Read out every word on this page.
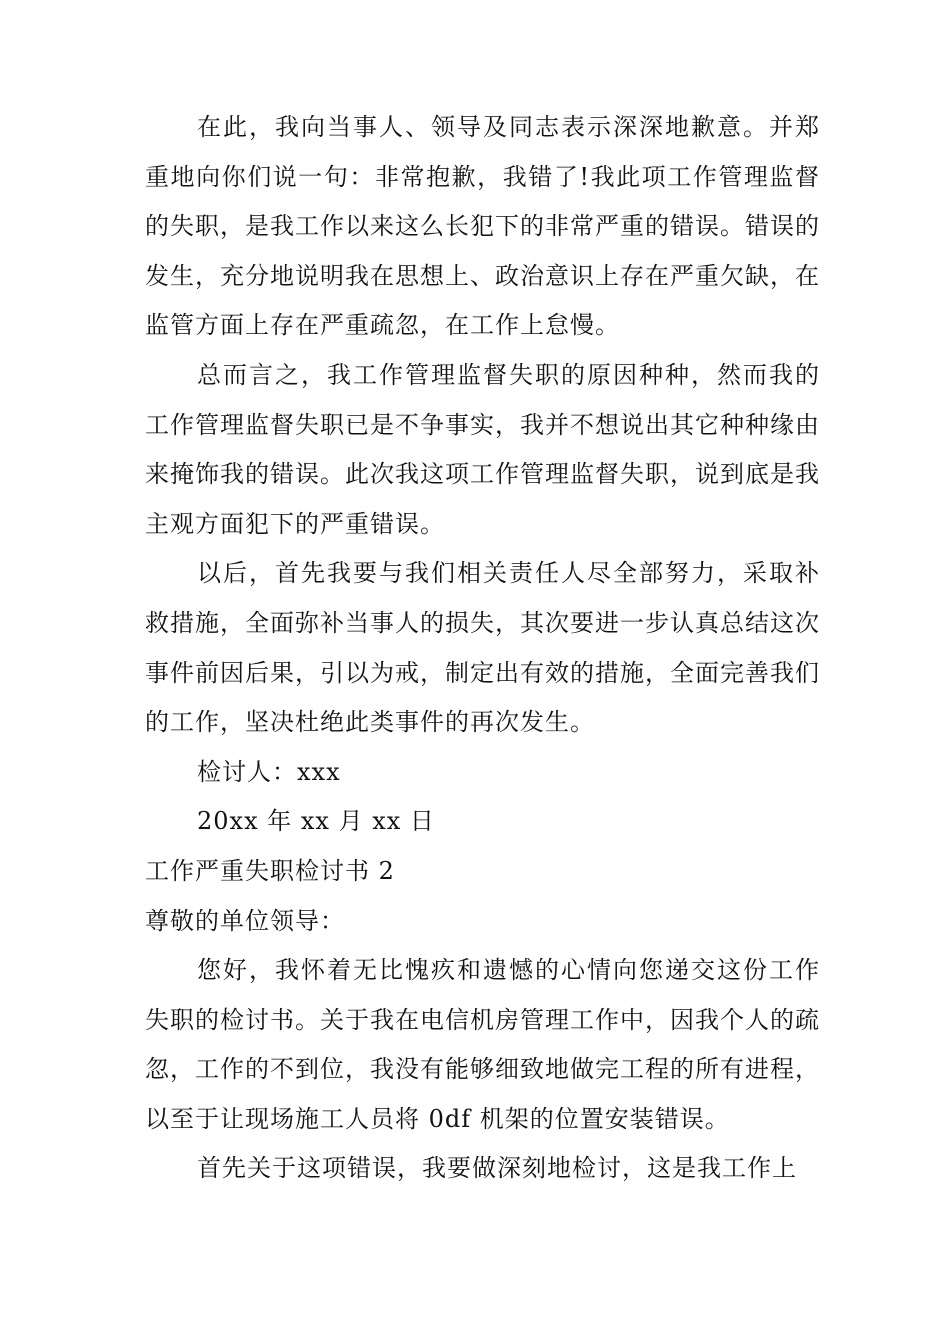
在此，我向当事人、领导及同志表示深深地歉意。并郑重地向你们说一句：非常抱歉，我错了!我此项工作管理监督的失职，是我工作以来这么长犯下的非常严重的错误。错误的发生，充分地说明我在思想上、政治意识上存在严重欠缺，在监管方面上存在严重疏忽，在工作上怠慢。

总而言之，我工作管理监督失职的原因种种，然而我的工作管理监督失职已是不争事实，我并不想说出其它种种缘由来掩饰我的错误。此次我这项工作管理监督失职，说到底是我主观方面犯下的严重错误。

以后，首先我要与我们相关责任人尽全部努力，采取补救措施，全面弥补当事人的损失，其次要进一步认真总结这次事件前因后果，引以为戒，制定出有效的措施，全面完善我们的工作，坚决杜绝此类事件的再次发生。

检讨人：xxx

20xx 年 xx 月 xx 日

工作严重失职检讨书 2

尊敬的单位领导：

您好，我怀着无比愧疚和遗憾的心情向您递交这份工作失职的检讨书。关于我在电信机房管理工作中，因我个人的疏忽，工作的不到位，我没有能够细致地做完工程的所有进程，以至于让现场施工人员将 0df 机架的位置安装错误。

首先关于这项错误，我要做深刻地检讨，这是我工作上
